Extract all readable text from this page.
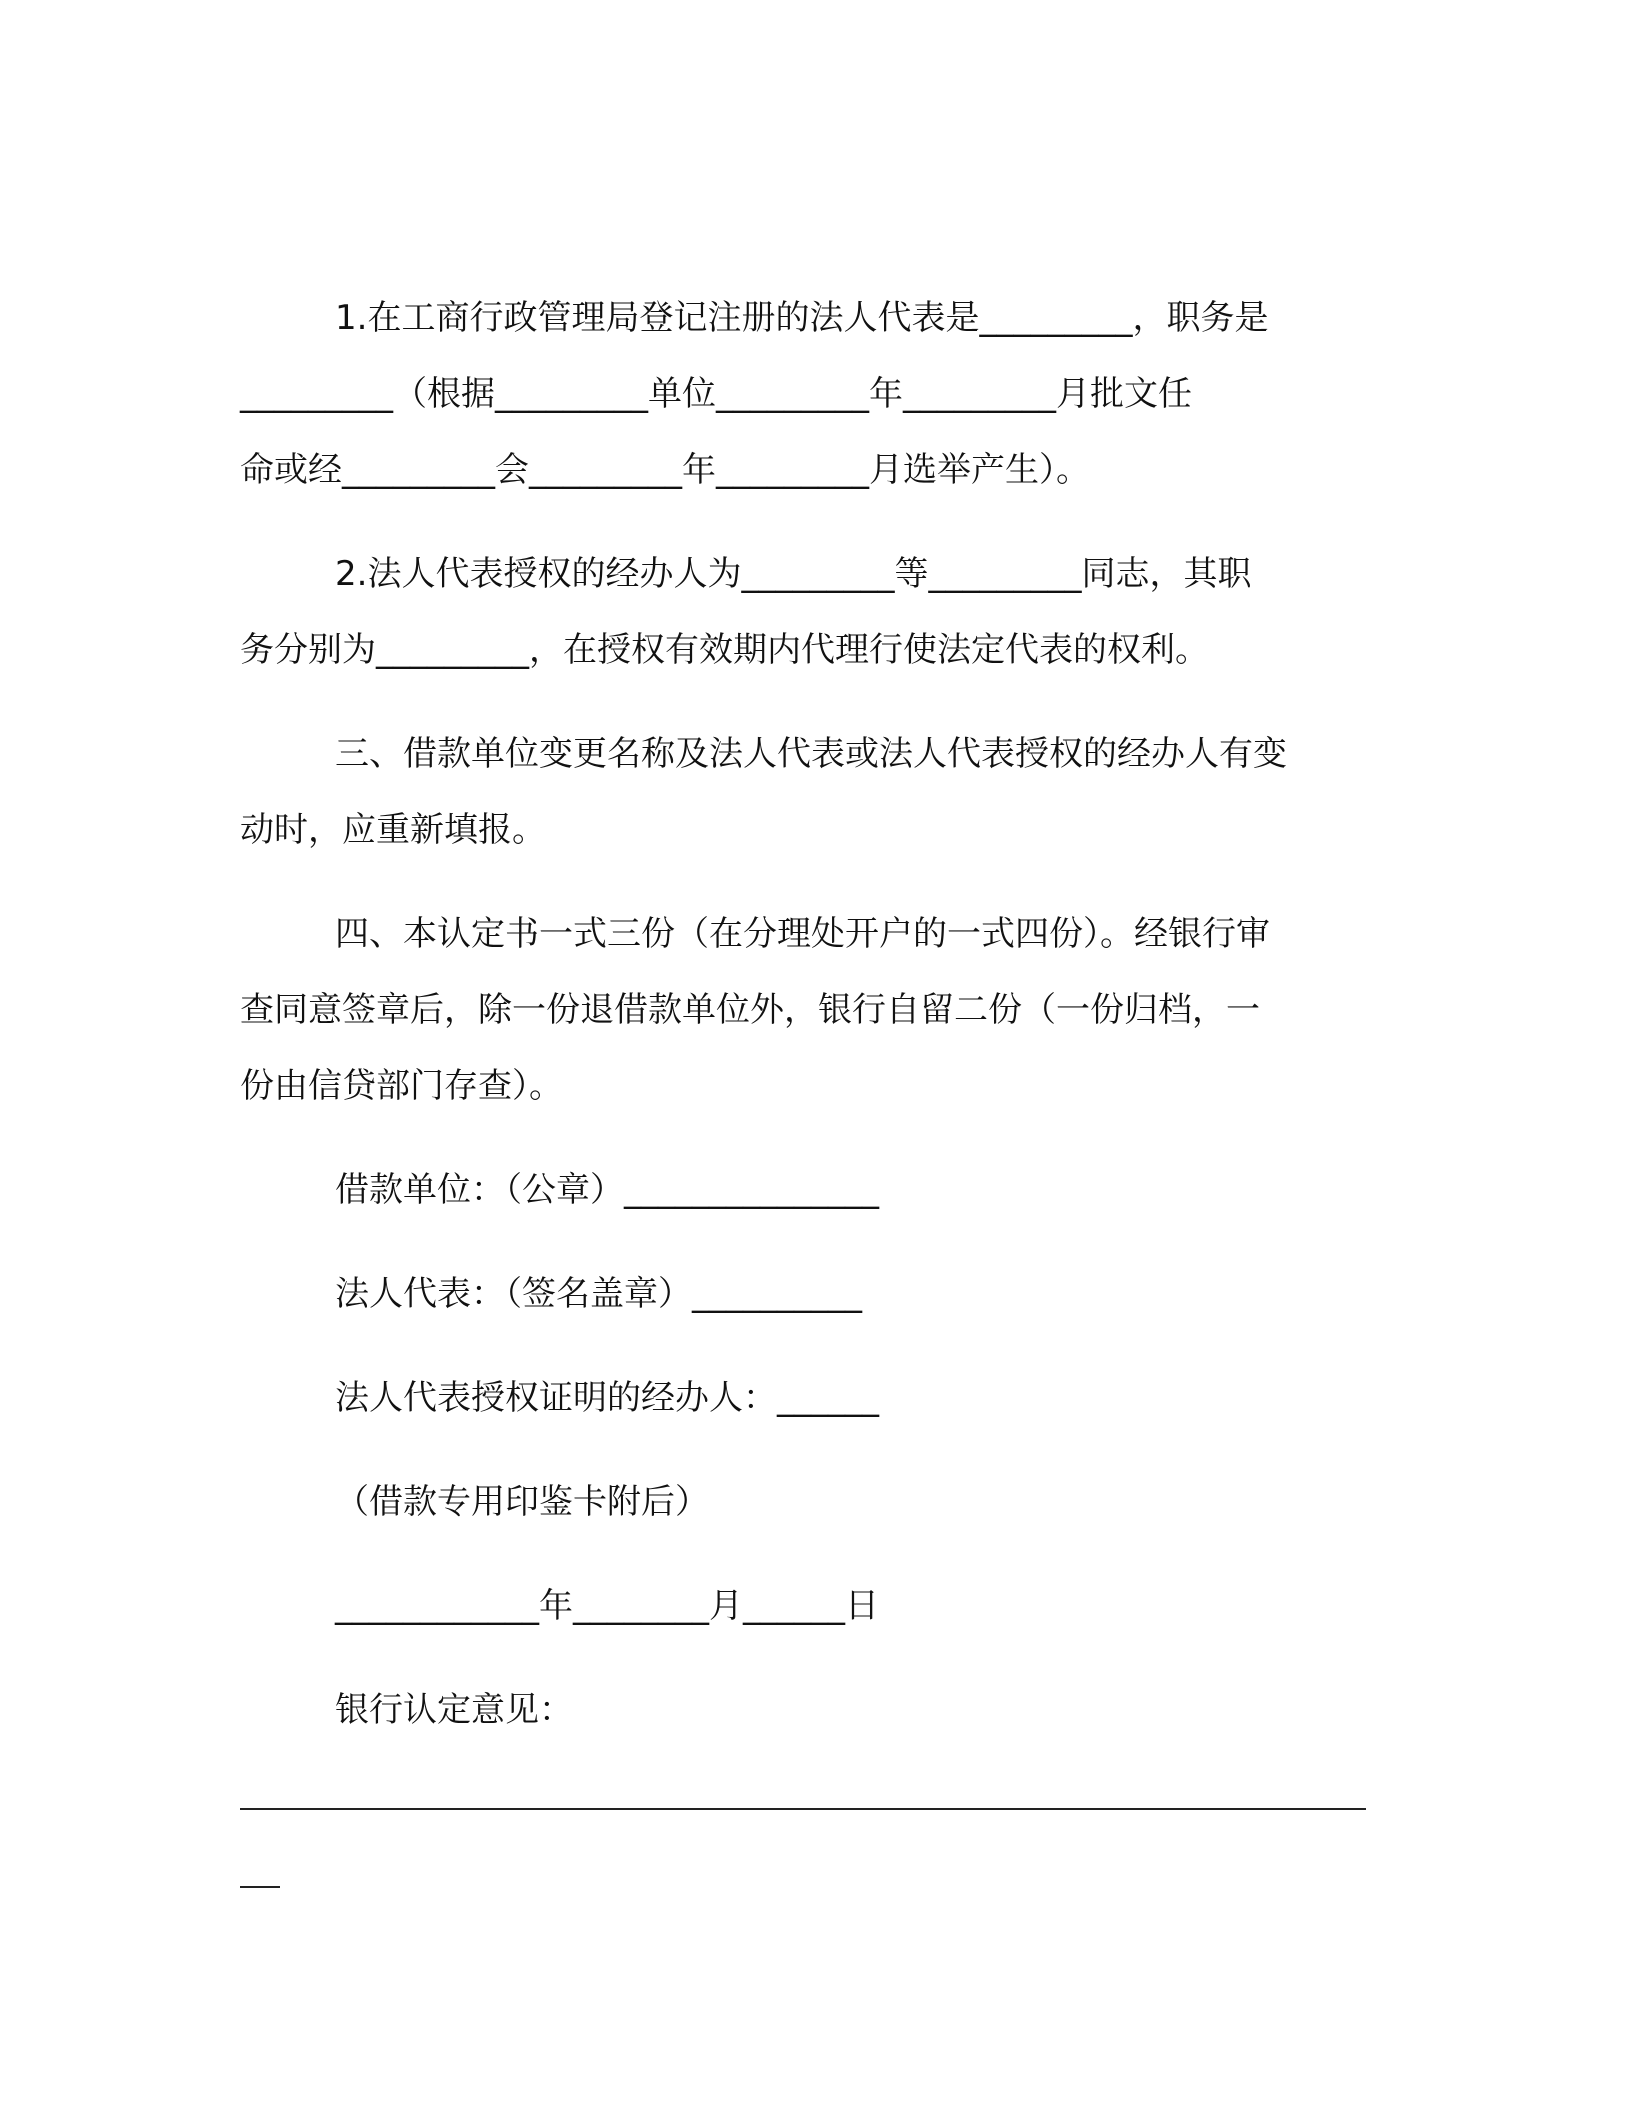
1.在工商行政管理局登记注册的法人代表是_________，职务是
_________（根据_________单位_________年_________月批文任
命或经_________会_________年_________月选举产生）。
2.法人代表授权的经办人为_________等_________同志，其职
务分别为_________，在授权有效期内代理行使法定代表的权利。
三、借款单位变更名称及法人代表或法人代表授权的经办人有变
动时，应重新填报。
四、本认定书一式三份（在分理处开户的一式四份）。经银行审
查同意签章后，除一份退借款单位外，银行自留二份（一份归档，一
份由信贷部门存查）。
借款单位：（公章）_______________
法人代表：（签名盖章）__________
法人代表授权证明的经办人：______
（借款专用印鉴卡附后）
____________年________月______日
银行认定意见：
